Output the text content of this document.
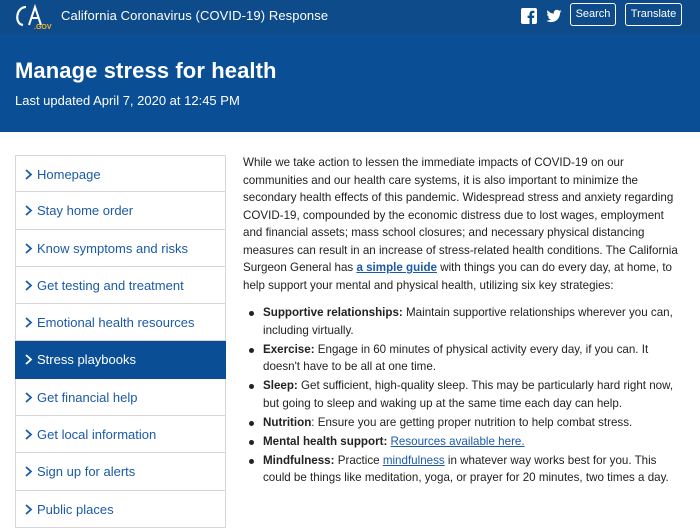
.GOV
California Coronavirus (COVID-19) Response	Search	Translate
Manage stress for health
Last updated April 7, 2020 at 12:45 PM
Homepage
Stay home order
Know symptoms and risks
Get testing and treatment
Emotional health resources
Stress playbooks
Get financial help
Get local information
Sign up for alerts
Public places

While we take action to lessen the immediate impacts of COVID-19 on our communities and our health care systems, it is also important to minimize the secondary health effects of this pandemic. Widespread stress and anxiety regarding COVID-19, compounded by the economic distress due to lost wages, employment and financial assets; mass school closures; and necessary physical distancing measures can result in an increase of stress-related health conditions. The California Surgeon General has a simple guide with things you can do every day, at home, to help support your mental and physical health, utilizing six key strategies:

Supportive relationships: Maintain supportive relationships wherever you can, including virtually.
Exercise: Engage in 60 minutes of physical activity every day, if you can. It doesn't have to be all at one time.
Sleep: Get sufficient, high-quality sleep. This may be particularly hard right now, but going to sleep and waking up at the same time each day can help.
Nutrition: Ensure you are getting proper nutrition to help combat stress.
Mental health support: Resources available here.
Mindfulness: Practice mindfulness in whatever way works best for you. This could be things like meditation, yoga, or prayer for 20 minutes, two times a day.
